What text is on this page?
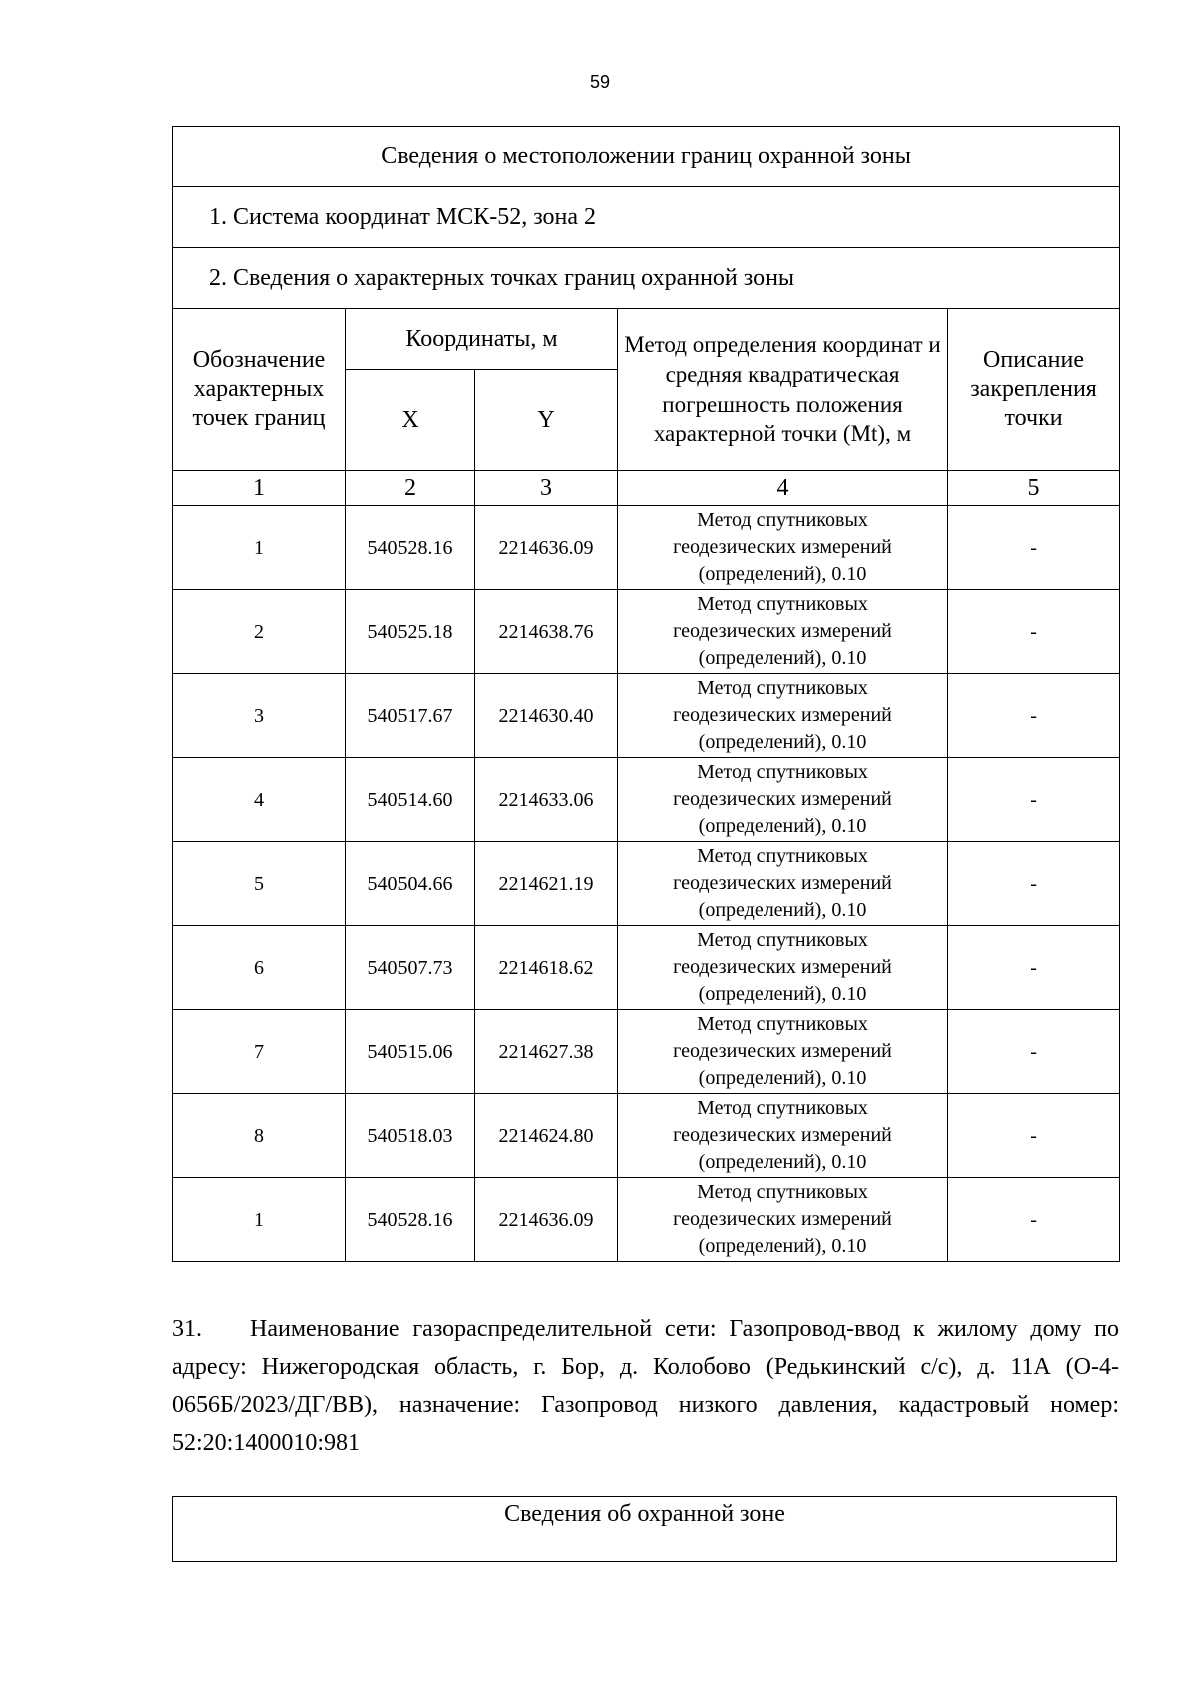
59
Сведения о местоположении границ охранной зоны				
1. Система координат МСК-52, зона 2				
2. Сведения о характерных точках границ охранной зоны				
Обозначение характерных точек границ	Координаты, м		Метод определения координат и средняя квадратическая погрешность положения характерной точки (Mt), м	Описание закрепления точки
	X	Y		
1	2	3	4	5
1	540528.16	2214636.09	Метод спутниковых
геодезических измерений
(определений), 0.10	-
2	540525.18	2214638.76	Метод спутниковых
геодезических измерений
(определений), 0.10	-
3	540517.67	2214630.40	Метод спутниковых
геодезических измерений
(определений), 0.10	-
4	540514.60	2214633.06	Метод спутниковых
геодезических измерений
(определений), 0.10	-
5	540504.66	2214621.19	Метод спутниковых
геодезических измерений
(определений), 0.10	-
6	540507.73	2214618.62	Метод спутниковых
геодезических измерений
(определений), 0.10	-
7	540515.06	2214627.38	Метод спутниковых
геодезических измерений
(определений), 0.10	-
8	540518.03	2214624.80	Метод спутниковых
геодезических измерений
(определений), 0.10	-
1	540528.16	2214636.09	Метод спутниковых
геодезических измерений
(определений), 0.10	-
31. Наименование газораспределительной сети: Газопровод-ввод к жилому дому по адресу: Нижегородская область, г. Бор, д. Колобово (Редькинский с/с), д. 11А (О-4-0656Б/2023/ДГ/ВВ), назначение: Газопровод низкого давления, кадастровый номер: 52:20:1400010:981
Сведения об охранной зоне
